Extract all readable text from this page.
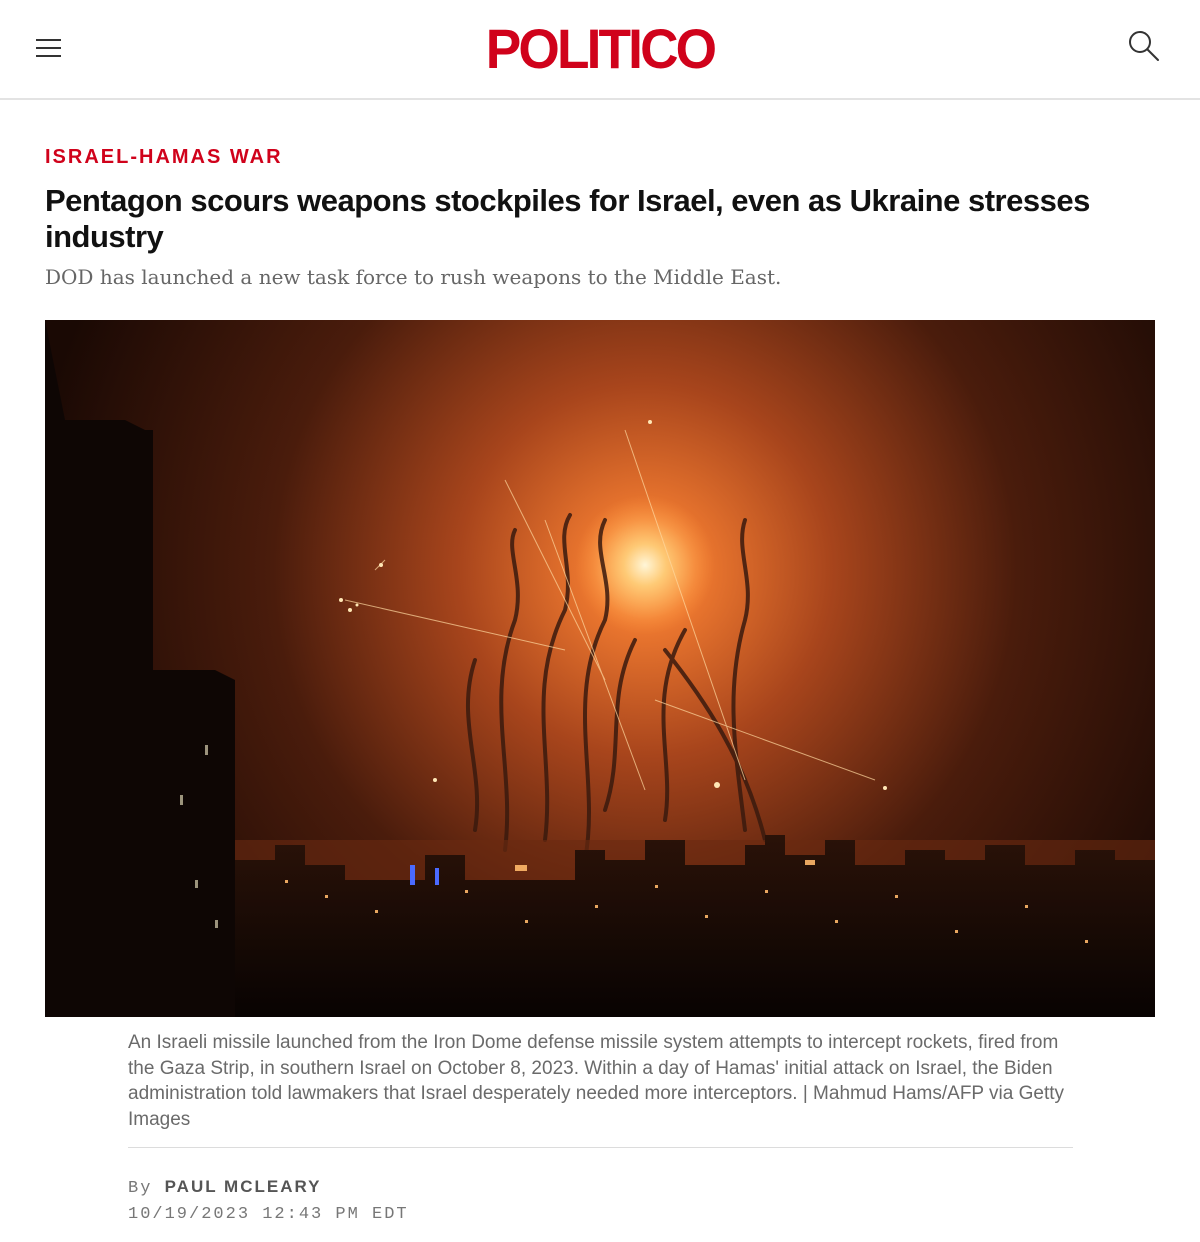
POLITICO
ISRAEL-HAMAS WAR
Pentagon scours weapons stockpiles for Israel, even as Ukraine stresses industry

DOD has launched a new task force to rush weapons to the Middle East.

An Israeli missile launched from the Iron Dome defense missile system attempts to intercept rockets, fired from the Gaza Strip, in southern Israel on October 8, 2023. Within a day of Hamas' initial attack on Israel, the Biden administration told lawmakers that Israel desperately needed more interceptors. | Mahmud Hams/AFP via Getty Images

By PAUL MCLEARY
10/19/2023 12:43 PM EDT
